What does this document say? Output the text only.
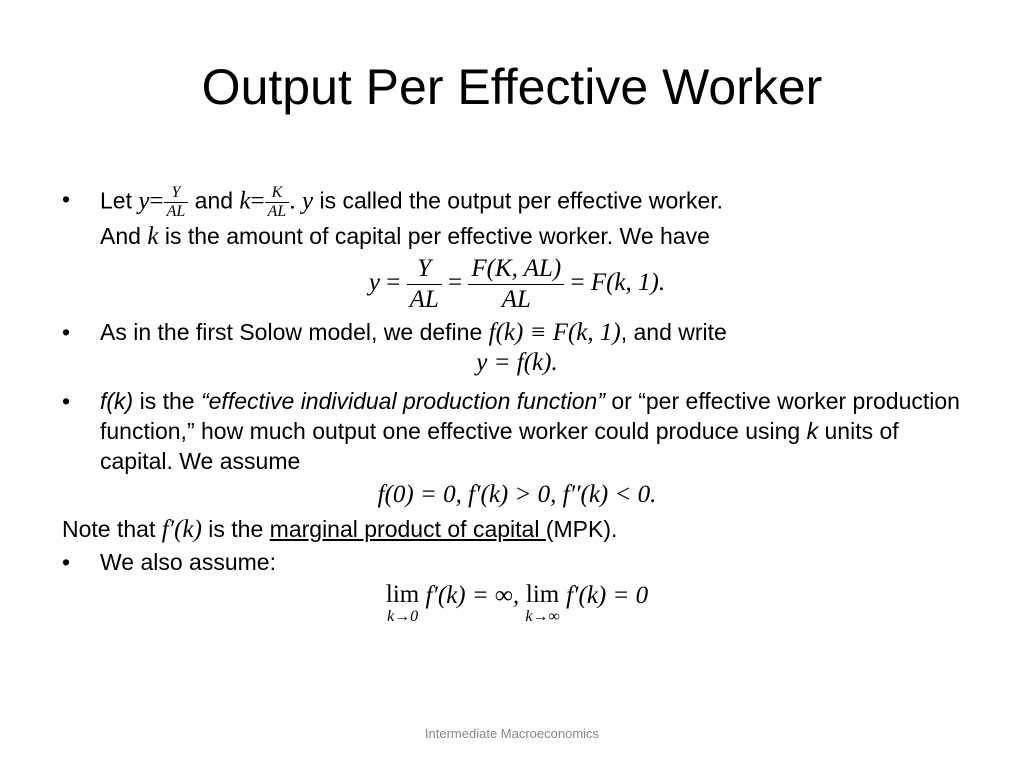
Output Per Effective Worker

• Let $y= \frac{Y}{AL}$ and $k= \frac{K}{AL}$ . y is called the output per effective worker.
And k is the amount of capital per effective worker. We have

$y = \frac{Y}{AL} = \frac{F(K, AL)}{AL} = F(k$, 1).

• As in the first Solow model, we define f(k) ≡ F(k, 1), and write

y = f(k).

• f(k) is the “effective individual production function” or “per effective worker production function,” how much output one effective worker could produce using k units of capital. We assume

f(0) = 0, f′(k) > 0, f′′(k) < 0.

Note that f′(k) is the marginal product of capital (MPK).

• We also assume:

lim
k→0
f′(k) = ∞, lim
k→∞
f′(k) = 0

Intermediate Macroeconomics
